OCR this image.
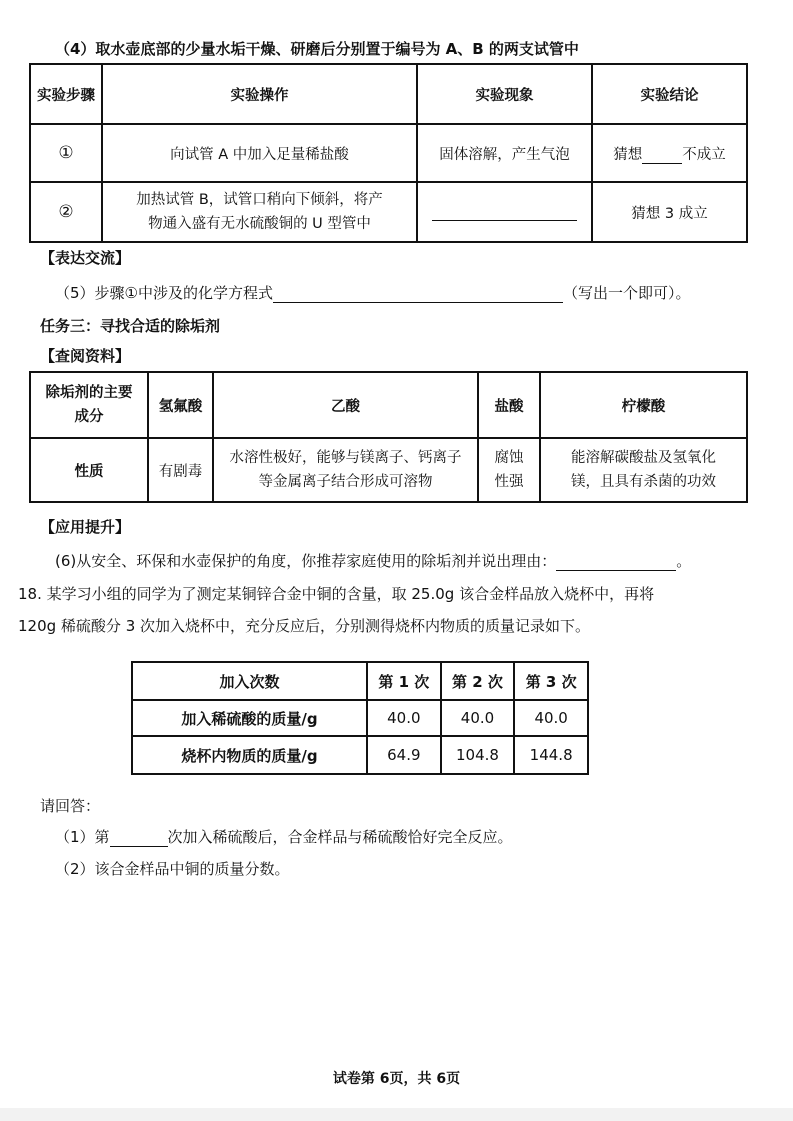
（4）取水壶底部的少量水垢干燥、研磨后分别置于编号为 A、B 的两支试管中
实验步骤	实验操作	实验现象	实验结论
①	向试管 A 中加入足量稀盐酸	固体溶解，产生气泡	猜想 不成立
②	加热试管 B，试管口稍向下倾斜，将产物通入盛有无水硫酸铜的 U 型管中		猜想 3 成立
【表达交流】
（5）步骤①中涉及的化学方程式	（写出一个即可）。
任务三：寻找合适的除垢剂
【查阅资料】
除垢剂的主要成分	氢氟酸	乙酸	盐酸	柠檬酸
性质	有剧毒	水溶性极好，能够与镁离子、钙离子等金属离子结合形成可溶物	腐蚀性强	能溶解碳酸盐及氢氧化镁，且具有杀菌的功效
【应用提升】
(6)从安全、环保和水壶保护的角度，你推荐家庭使用的除垢剂并说出理由：	。
18. 某学习小组的同学为了测定某铜锌合金中铜的含量，取 25.0g 该合金样品放入烧杯中，再将
120g 稀硫酸分 3 次加入烧杯中，充分反应后，分别测得烧杯内物质的质量记录如下。
加入次数	第 1 次	第 2 次	第 3 次
加入稀硫酸的质量/g	40.0	40.0	40.0
烧杯内物质的质量/g	64.9	104.8	144.8
请回答：
（1）第	次加入稀硫酸后，合金样品与稀硫酸恰好完全反应。
（2）该合金样品中铜的质量分数。
试卷第 6页，共 6页
